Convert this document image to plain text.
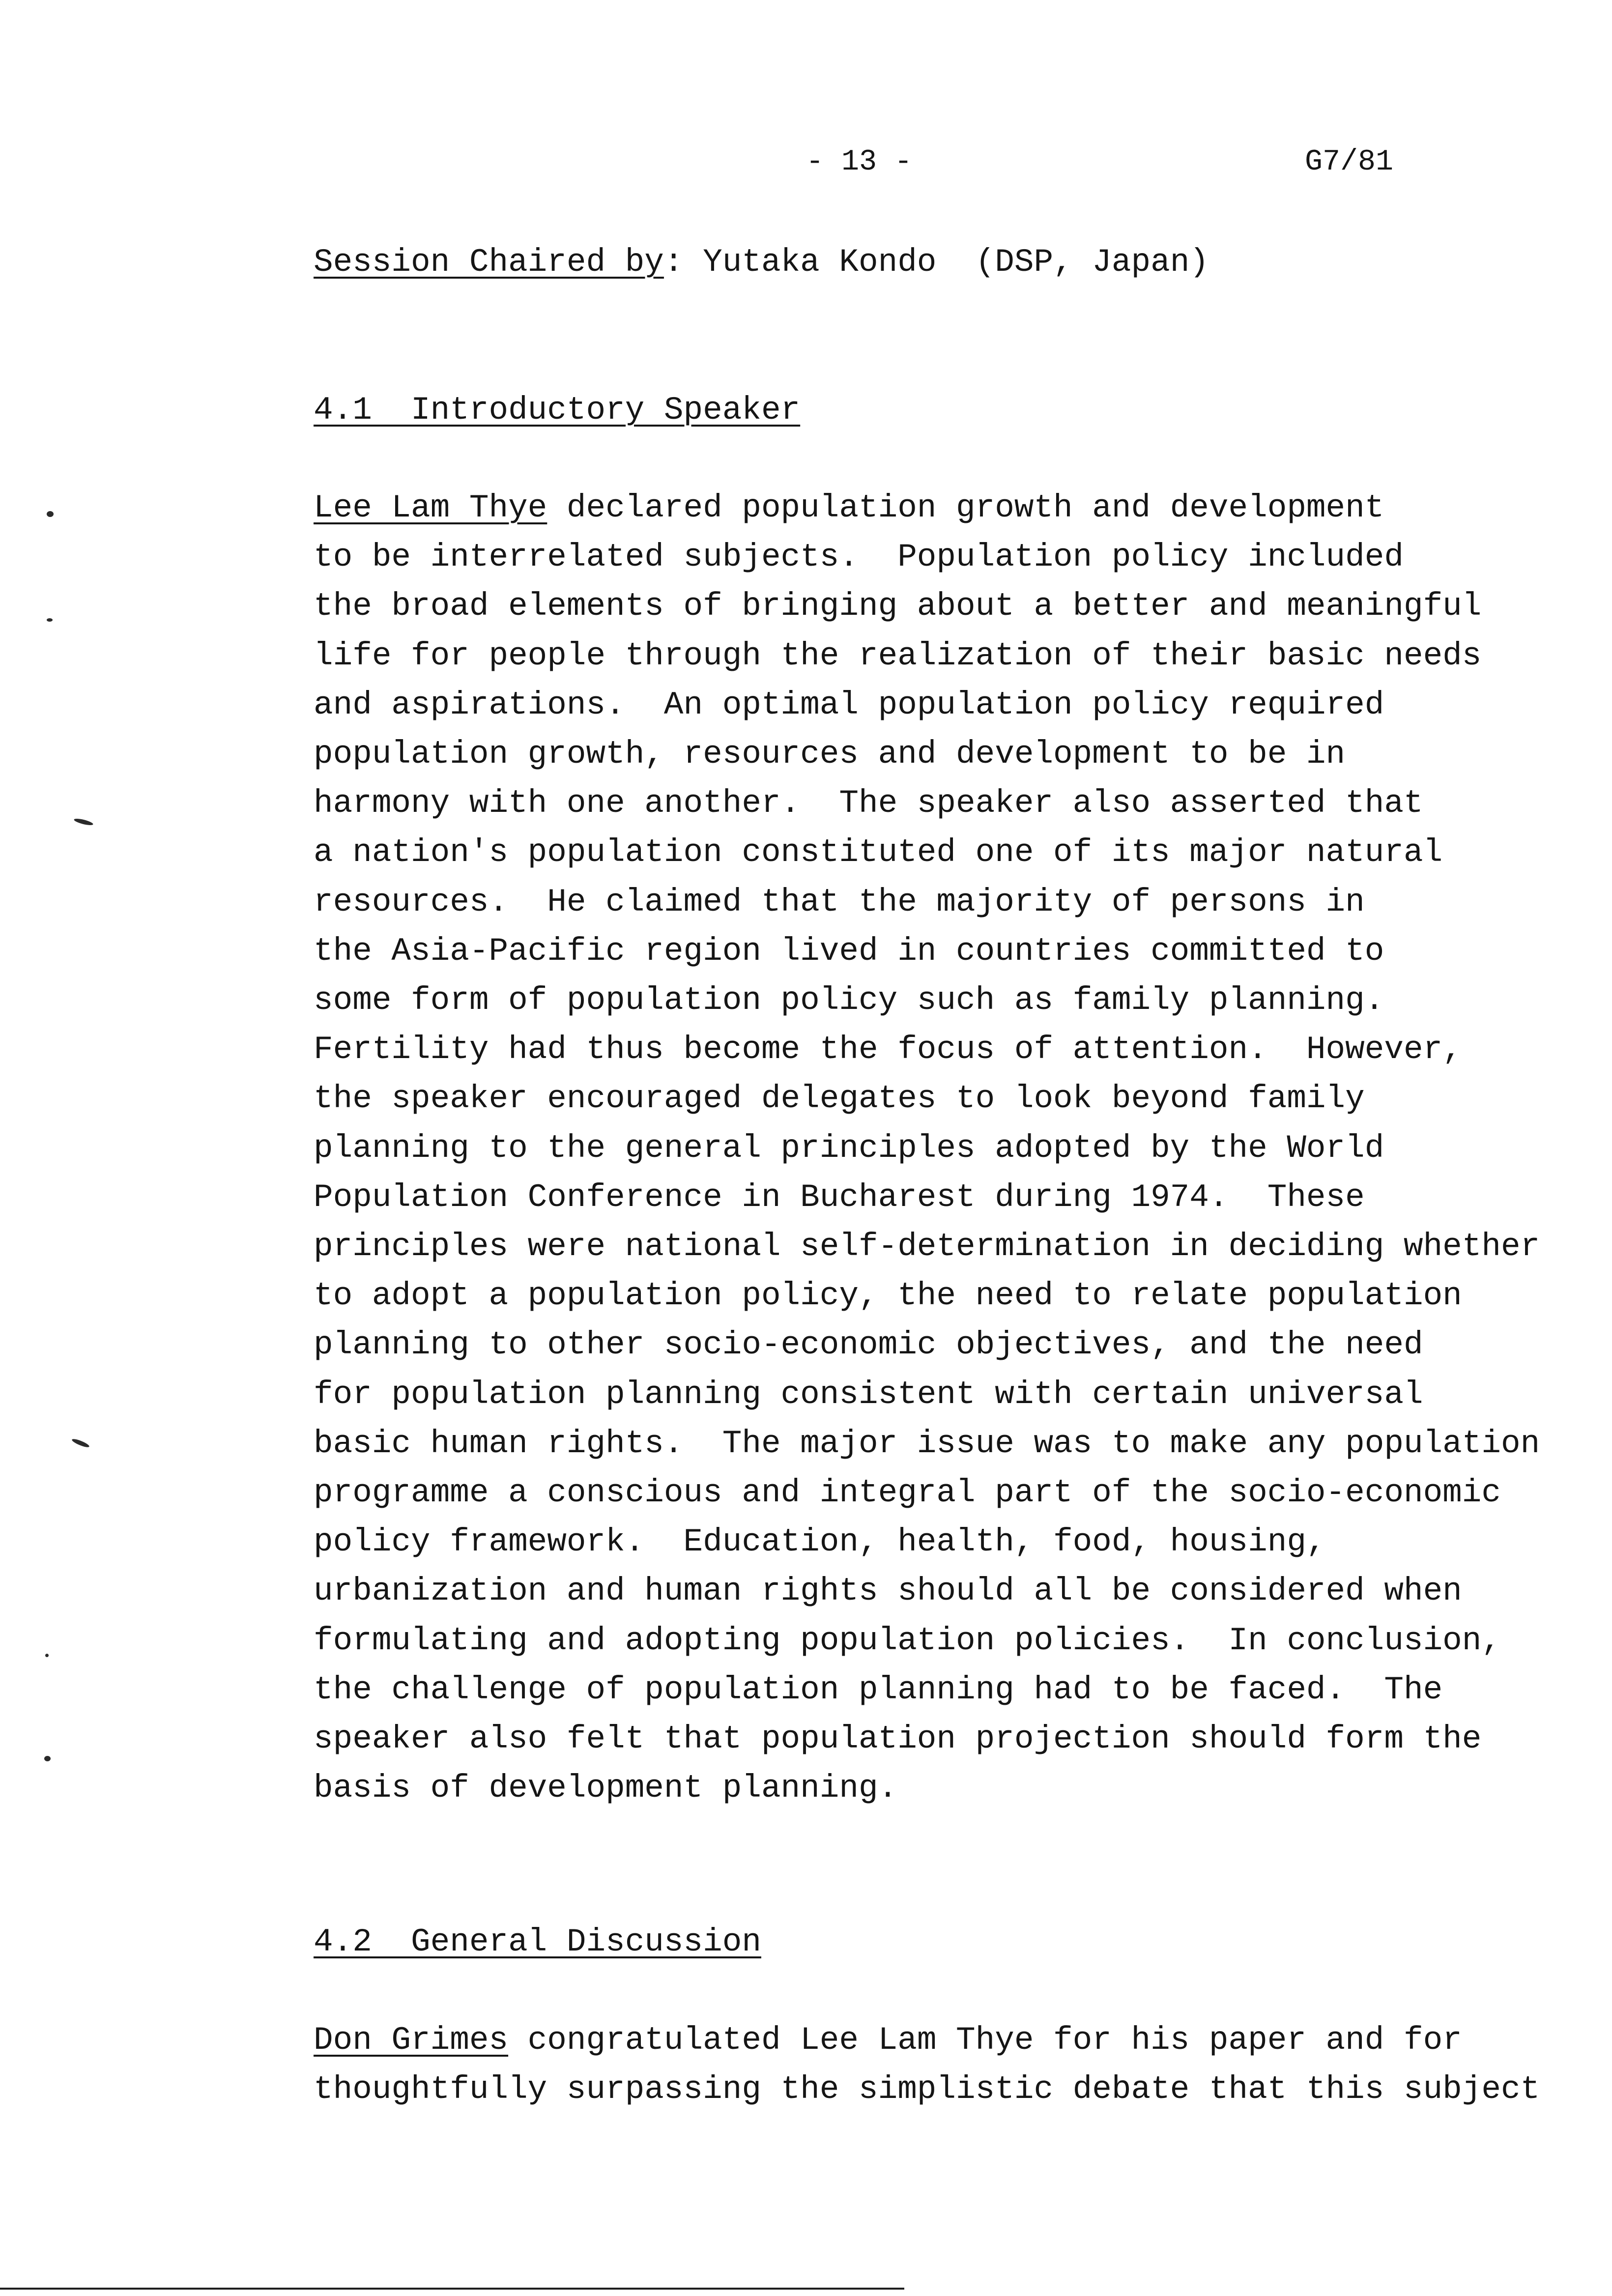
- 13 -	G7/81
Session Chaired by: Yutaka Kondo  (DSP, Japan)
4.1  Introductory Speaker
Lee Lam Thye declared population growth and development
to be interrelated subjects.  Population policy included
the broad elements of bringing about a better and meaningful
life for people through the realization of their basic needs
and aspirations.  An optimal population policy required
population growth, resources and development to be in
harmony with one another.  The speaker also asserted that
a nation's population constituted one of its major natural
resources.  He claimed that the majority of persons in
the Asia-Pacific region lived in countries committed to
some form of population policy such as family planning.
Fertility had thus become the focus of attention.  However,
the speaker encouraged delegates to look beyond family
planning to the general principles adopted by the World
Population Conference in Bucharest during 1974.  These
principles were national self-determination in deciding whether
to adopt a population policy, the need to relate population
planning to other socio-economic objectives, and the need
for population planning consistent with certain universal
basic human rights.  The major issue was to make any population
programme a conscious and integral part of the socio-economic
policy framework.  Education, health, food, housing,
urbanization and human rights should all be considered when
formulating and adopting population policies.  In conclusion,
the challenge of population planning had to be faced.  The
speaker also felt that population projection should form the
basis of development planning.
4.2  General Discussion
Don Grimes congratulated Lee Lam Thye for his paper and for
thoughtfully surpassing the simplistic debate that this subject
